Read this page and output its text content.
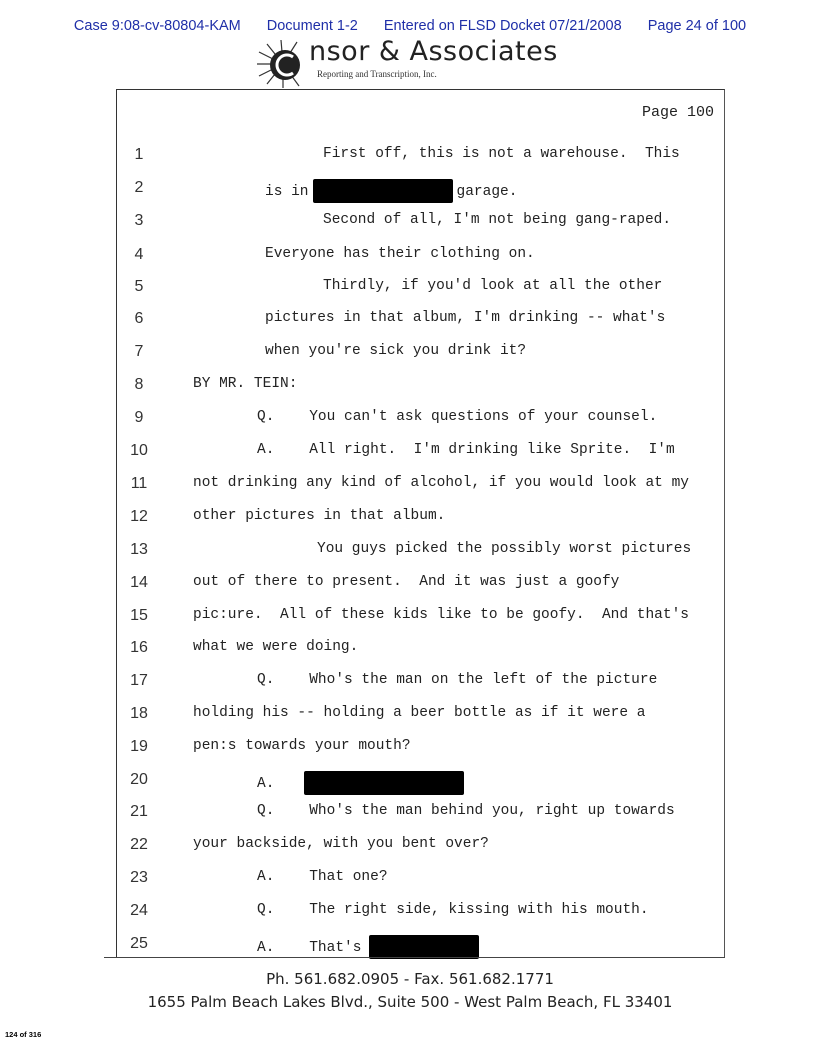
Case 9:08-cv-80804-KAM Document 1-2 Entered on FLSD Docket 07/21/2008 Page 24 of 100
nsor & Associates
Reporting and Transcription, Inc.
Page 100
1	First off, this is not a warehouse.  This
2	is in	garage.
3	Second of all, I'm not being gang-raped.
4	Everyone has their clothing on.
5	Thirdly, if you'd look at all the other
6	pictures in that album, I'm drinking -- what's
7	when you're sick you drink it?
8	BY MR. TEIN:
9	Q.    You can't ask questions of your counsel.
10	A.    All right.  I'm drinking like Sprite.  I'm
11	not drinking any kind of alcohol, if you would look at my
12	other pictures in that album.
13	You guys picked the possibly worst pictures
14	out of there to present.  And it was just a goofy
15	pic:ure.  All of these kids like to be goofy.  And that's
16	what we were doing.
17	Q.    Who's the man on the left of the picture
18	holding his -- holding a beer bottle as if it were a
19	pen:s towards your mouth?
20	A.
21	Q.    Who's the man behind you, right up towards
22	your backside, with you bent over?
23	A.    That one?
24	Q.    The right side, kissing with his mouth.
25	A.    That's
Ph. 561.682.0905 - Fax. 561.682.1771
1655 Palm Beach Lakes Blvd., Suite 500 - West Palm Beach, FL 33401
124 of 316
